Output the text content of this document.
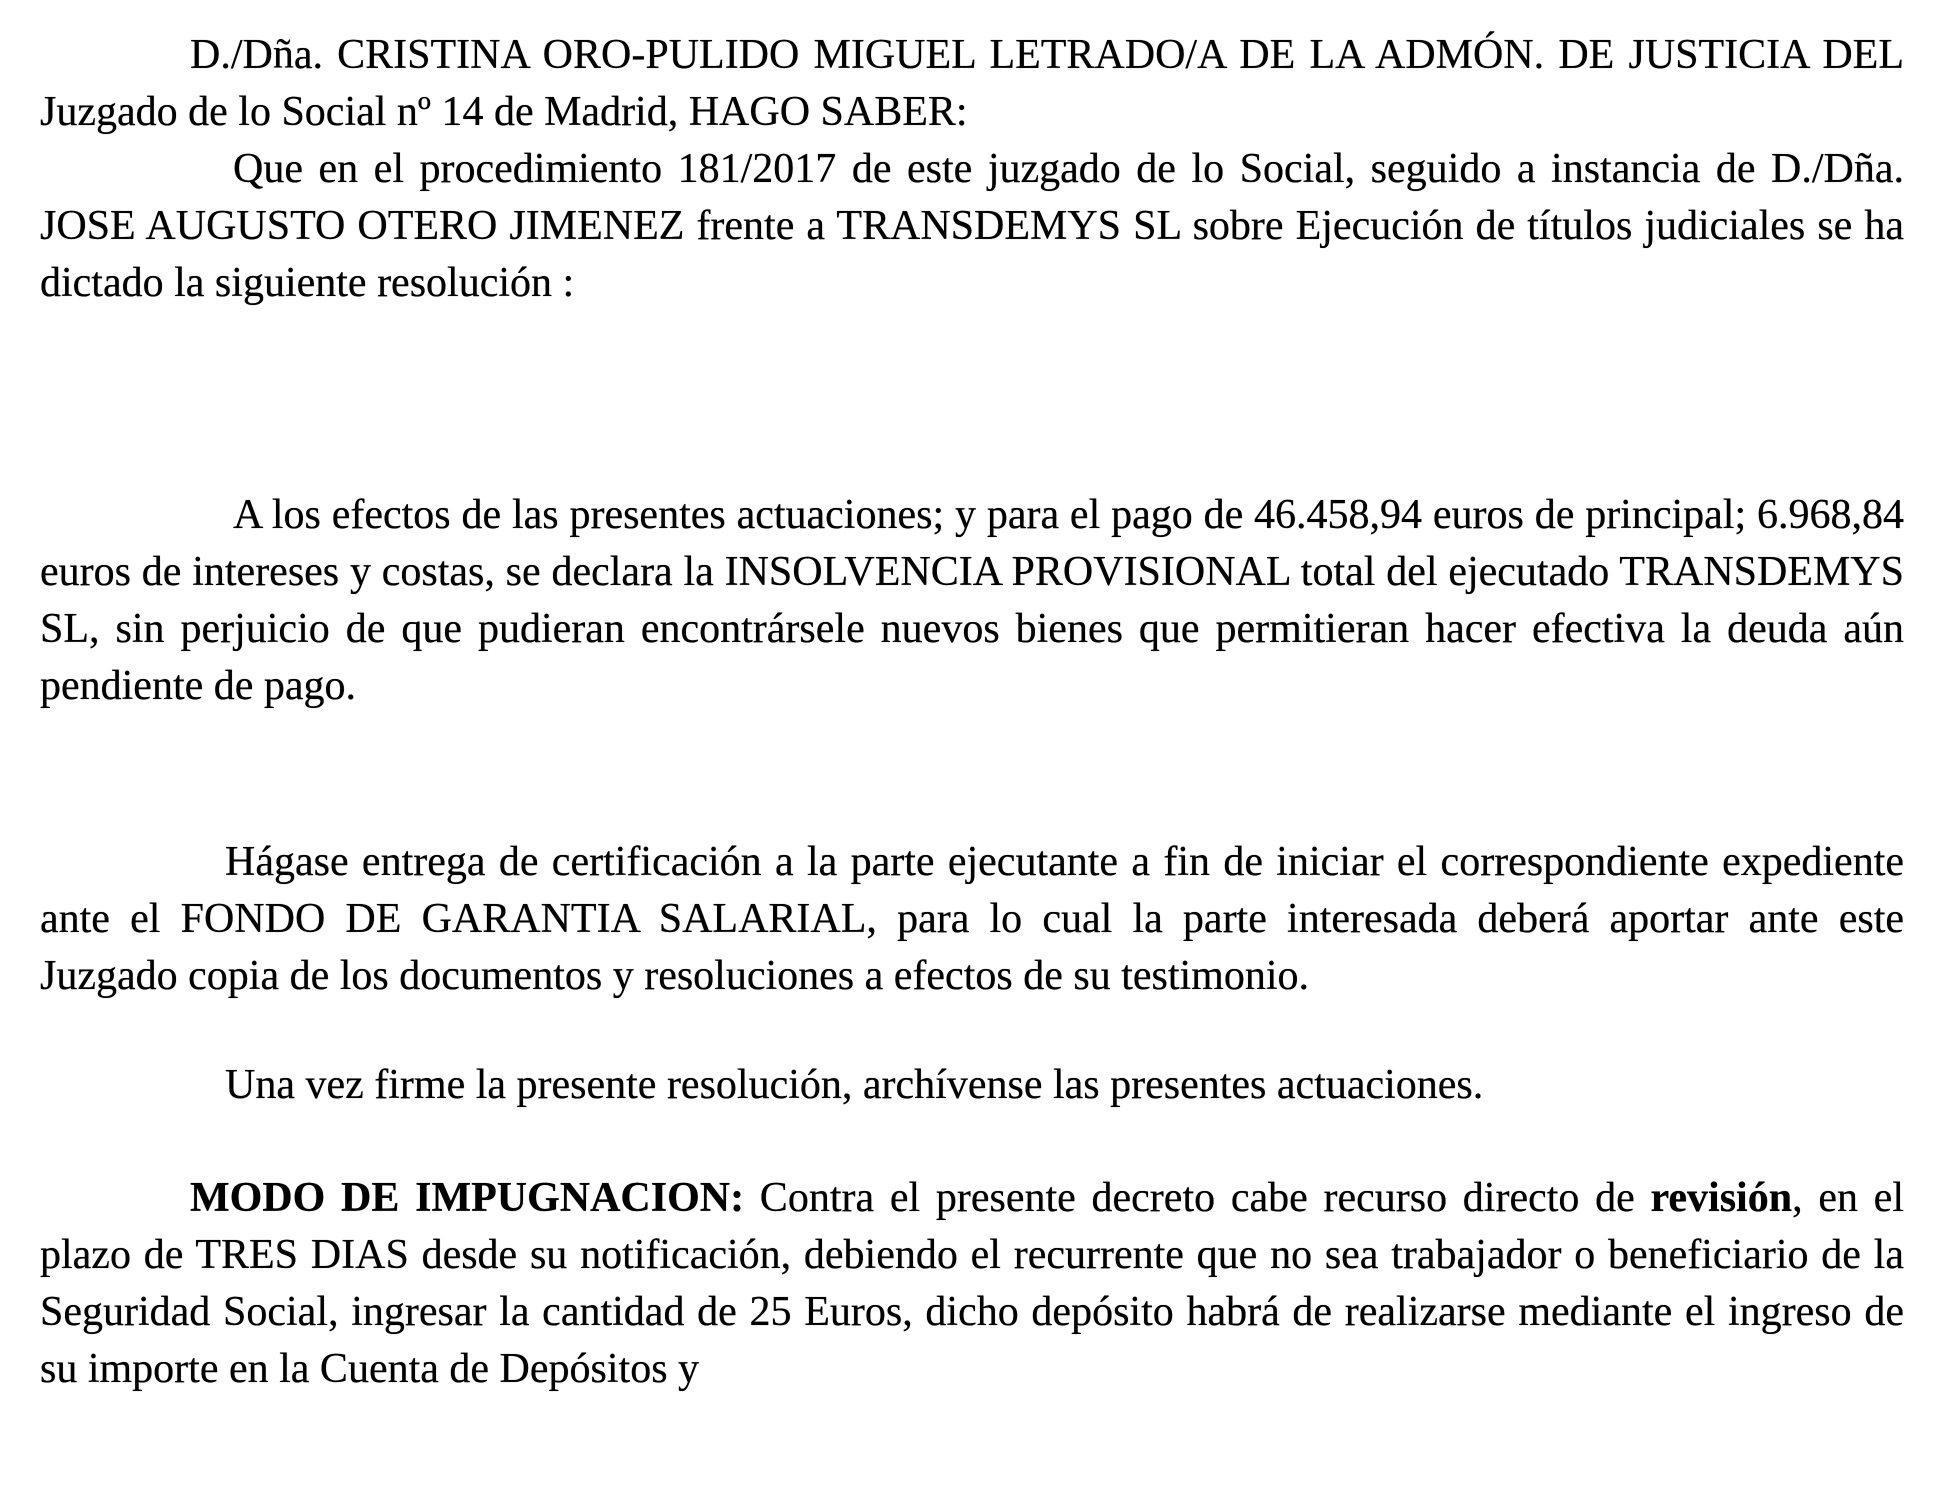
D./Dña. CRISTINA ORO-PULIDO MIGUEL LETRADO/A DE LA ADMÓN. DE JUSTICIA DEL Juzgado de lo Social nº 14 de Madrid, HAGO SABER:

Que en el procedimiento 181/2017 de este juzgado de lo Social, seguido a instancia de D./Dña. JOSE AUGUSTO OTERO JIMENEZ frente a TRANSDEMYS SL sobre Ejecución de títulos judiciales se ha dictado la siguiente resolución :

A los efectos de las presentes actuaciones; y para el pago de 46.458,94 euros de principal; 6.968,84 euros de intereses y costas, se declara la INSOLVENCIA PROVISIONAL total del ejecutado TRANSDEMYS SL, sin perjuicio de que pudieran encontrársele nuevos bienes que permitieran hacer efectiva la deuda aún pendiente de pago.

Hágase entrega de certificación a la parte ejecutante a fin de iniciar el correspondiente expediente ante el FONDO DE GARANTIA SALARIAL, para lo cual la parte interesada deberá aportar ante este Juzgado copia de los documentos y resoluciones a efectos de su testimonio.

Una vez firme la presente resolución, archívense las presentes actuaciones.

MODO DE IMPUGNACION: Contra el presente decreto cabe recurso directo de revisión, en el plazo de TRES DIAS desde su notificación, debiendo el recurrente que no sea trabajador o beneficiario de la Seguridad Social, ingresar la cantidad de 25 Euros, dicho depósito habrá de realizarse mediante el ingreso de su importe en la Cuenta de Depósitos y
